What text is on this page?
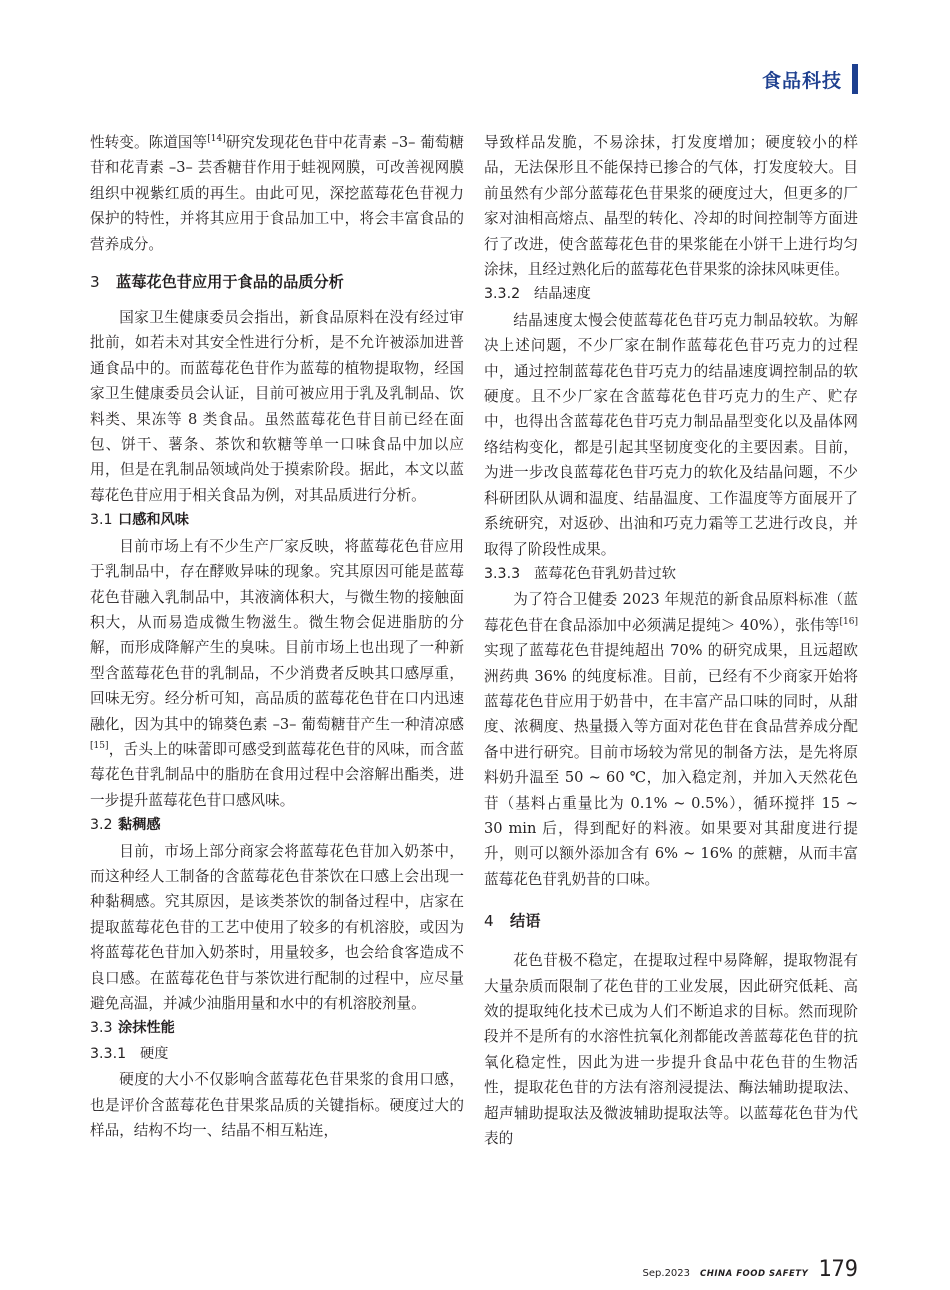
食品科技

性转变。陈道国等[14]研究发现花色苷中花青素 –3– 葡萄糖苷和花青素 –3– 芸香糖苷作用于蛙视网膜，可改善视网膜组织中视紫红质的再生。由此可见，深挖蓝莓花色苷视力保护的特性，并将其应用于食品加工中，将会丰富食品的营养成分。

3 蓝莓花色苷应用于食品的品质分析

国家卫生健康委员会指出，新食品原料在没有经过审批前，如若未对其安全性进行分析，是不允许被添加进普通食品中的。而蓝莓花色苷作为蓝莓的植物提取物，经国家卫生健康委员会认证，目前可被应用于乳及乳制品、饮料类、果冻等 8 类食品。虽然蓝莓花色苷目前已经在面包、饼干、薯条、茶饮和软糖等单一口味食品中加以应用，但是在乳制品领域尚处于摸索阶段。据此，本文以蓝莓花色苷应用于相关食品为例，对其品质进行分析。

3.1 口感和风味

目前市场上有不少生产厂家反映，将蓝莓花色苷应用于乳制品中，存在酵败异味的现象。究其原因可能是蓝莓花色苷融入乳制品中，其液滴体积大，与微生物的接触面积大，从而易造成微生物滋生。微生物会促进脂肪的分解，而形成降解产生的臭味。目前市场上也出现了一种新型含蓝莓花色苷的乳制品，不少消费者反映其口感厚重，回味无穷。经分析可知，高品质的蓝莓花色苷在口内迅速融化，因为其中的锦葵色素 –3– 葡萄糖苷产生一种清凉感[15]，舌头上的味蕾即可感受到蓝莓花色苷的风味，而含蓝莓花色苷乳制品中的脂肪在食用过程中会溶解出酯类，进一步提升蓝莓花色苷口感风味。

3.2 黏稠感

目前，市场上部分商家会将蓝莓花色苷加入奶茶中，而这种经人工制备的含蓝莓花色苷茶饮在口感上会出现一种黏稠感。究其原因，是该类茶饮的制备过程中，店家在提取蓝莓花色苷的工艺中使用了较多的有机溶胶，或因为将蓝莓花色苷加入奶茶时，用量较多，也会给食客造成不良口感。在蓝莓花色苷与茶饮进行配制的过程中，应尽量避免高温，并减少油脂用量和水中的有机溶胶剂量。

3.3 涂抹性能
3.3.1 硬度

硬度的大小不仅影响含蓝莓花色苷果浆的食用口感，也是评价含蓝莓花色苷果浆品质的关键指标。硬度过大的样品，结构不均一、结晶不相互粘连，

导致样品发脆，不易涂抹，打发度增加；硬度较小的样品，无法保形且不能保持已掺合的气体，打发度较大。目前虽然有少部分蓝莓花色苷果浆的硬度过大，但更多的厂家对油相高熔点、晶型的转化、冷却的时间控制等方面进行了改进，使含蓝莓花色苷的果浆能在小饼干上进行均匀涂抹，且经过熟化后的蓝莓花色苷果浆的涂抹风味更佳。

3.3.2 结晶速度

结晶速度太慢会使蓝莓花色苷巧克力制品较软。为解决上述问题，不少厂家在制作蓝莓花色苷巧克力的过程中，通过控制蓝莓花色苷巧克力的结晶速度调控制品的软硬度。且不少厂家在含蓝莓花色苷巧克力的生产、贮存中，也得出含蓝莓花色苷巧克力制品晶型变化以及晶体网络结构变化，都是引起其坚韧度变化的主要因素。目前，为进一步改良蓝莓花色苷巧克力的软化及结晶问题，不少科研团队从调和温度、结晶温度、工作温度等方面展开了系统研究，对返砂、出油和巧克力霜等工艺进行改良，并取得了阶段性成果。

3.3.3 蓝莓花色苷乳奶昔过软

为了符合卫健委 2023 年规范的新食品原料标准（蓝莓花色苷在食品添加中必须满足提纯＞ 40%），张伟等[16]实现了蓝莓花色苷提纯超出 70% 的研究成果，且远超欧洲药典 36% 的纯度标准。目前，已经有不少商家开始将蓝莓花色苷应用于奶昔中，在丰富产品口味的同时，从甜度、浓稠度、热量摄入等方面对花色苷在食品营养成分配备中进行研究。目前市场较为常见的制备方法，是先将原料奶升温至 50 ~ 60 ℃，加入稳定剂，并加入天然花色苷（基料占重量比为 0.1% ~ 0.5%），循环搅拌 15 ~ 30 min 后，得到配好的料液。如果要对其甜度进行提升，则可以额外添加含有 6% ~ 16% 的蔗糖，从而丰富蓝莓花色苷乳奶昔的口味。

4 结语

花色苷极不稳定，在提取过程中易降解，提取物混有大量杂质而限制了花色苷的工业发展，因此研究低耗、高效的提取纯化技术已成为人们不断追求的目标。然而现阶段并不是所有的水溶性抗氧化剂都能改善蓝莓花色苷的抗氧化稳定性，因此为进一步提升食品中花色苷的生物活性，提取花色苷的方法有溶剂浸提法、酶法辅助提取法、超声辅助提取法及微波辅助提取法等。以蓝莓花色苷为代表的

Sep.2023 CHINA FOOD SAFETY 179
